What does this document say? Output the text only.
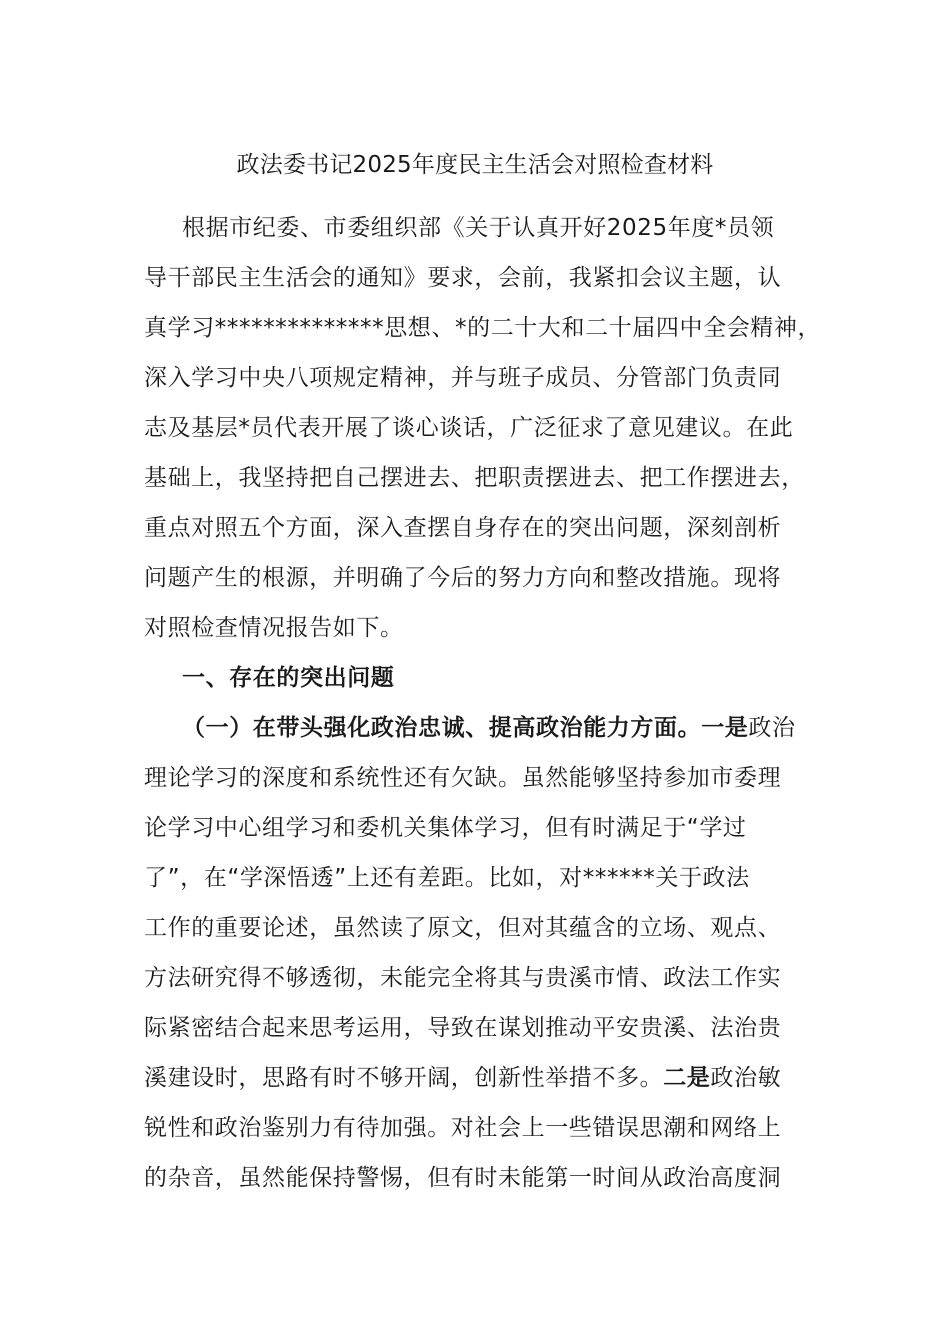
政法委书记2025年度民主生活会对照检查材料
根据市纪委、市委组织部《关于认真开好2025年度*员领
导干部民主生活会的通知》要求，会前，我紧扣会议主题，认
真学习**************思想、*的二十大和二十届四中全会精神，
深入学习中央八项规定精神，并与班子成员、分管部门负责同
志及基层*员代表开展了谈心谈话，广泛征求了意见建议。在此
基础上，我坚持把自己摆进去、把职责摆进去、把工作摆进去，
重点对照五个方面，深入查摆自身存在的突出问题，深刻剖析
问题产生的根源，并明确了今后的努力方向和整改措施。现将
对照检查情况报告如下。
一、存在的突出问题
（一）在带头强化政治忠诚、提高政治能力方面。一是政治
理论学习的深度和系统性还有欠缺。虽然能够坚持参加市委理
论学习中心组学习和委机关集体学习，但有时满足于“学过
了”，在“学深悟透”上还有差距。比如，对******关于政法
工作的重要论述，虽然读了原文，但对其蕴含的立场、观点、
方法研究得不够透彻，未能完全将其与贵溪市情、政法工作实
际紧密结合起来思考运用，导致在谋划推动平安贵溪、法治贵
溪建设时，思路有时不够开阔，创新性举措不多。二是政治敏
锐性和政治鉴别力有待加强。对社会上一些错误思潮和网络上
的杂音，虽然能保持警惕，但有时未能第一时间从政治高度洞
